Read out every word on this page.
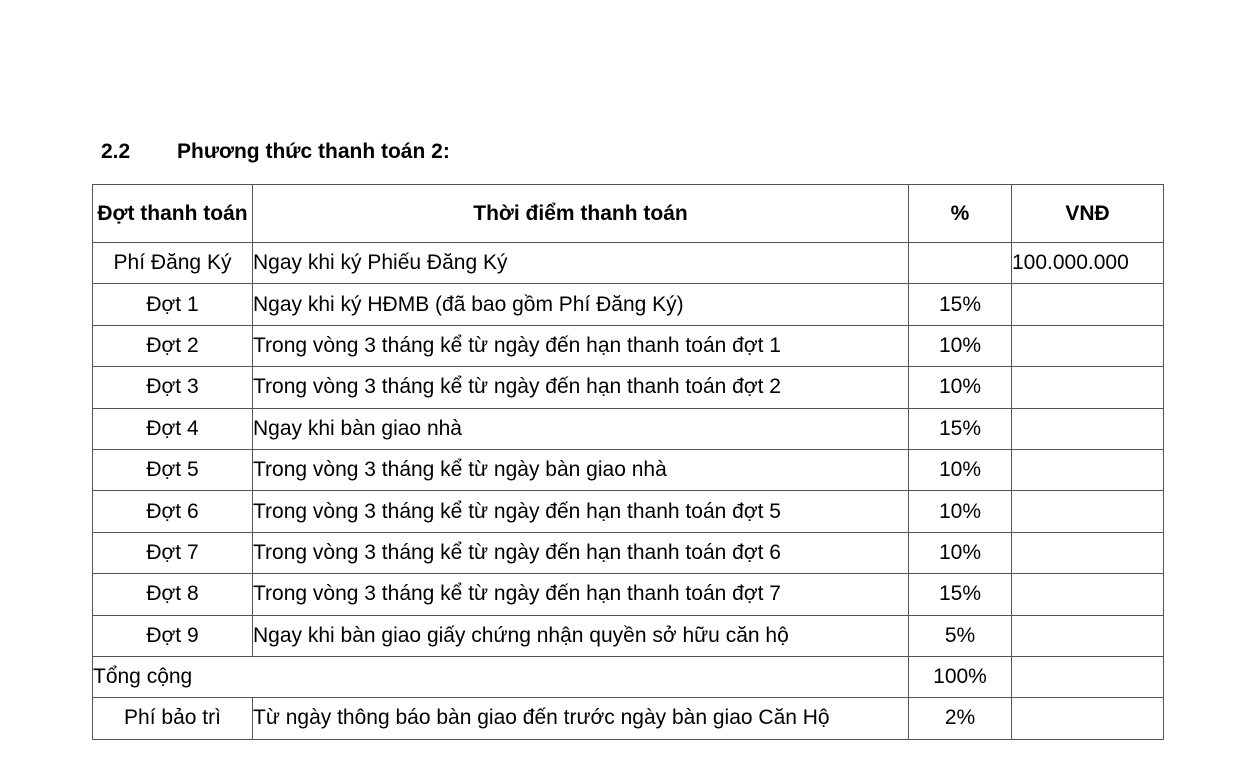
2.2 Phương thức thanh toán 2:
Đợt thanh toán	Thời điểm thanh toán	%	VNĐ
Phí Đăng Ký	Ngay khi ký Phiếu Đăng Ký		100.000.000
Đợt 1	Ngay khi ký HĐMB (đã bao gồm Phí Đăng Ký)	15%	
Đợt 2	Trong vòng 3 tháng kể từ ngày đến hạn thanh toán đợt 1	10%	
Đợt 3	Trong vòng 3 tháng kể từ ngày đến hạn thanh toán đợt 2	10%	
Đợt 4	Ngay khi bàn giao nhà	15%	
Đợt 5	Trong vòng 3 tháng kể từ ngày bàn giao nhà	10%	
Đợt 6	Trong vòng 3 tháng kể từ ngày đến hạn thanh toán đợt 5	10%	
Đợt 7	Trong vòng 3 tháng kể từ ngày đến hạn thanh toán đợt 6	10%	
Đợt 8	Trong vòng 3 tháng kể từ ngày đến hạn thanh toán đợt 7	15%	
Đợt 9	Ngay khi bàn giao giấy chứng nhận quyền sở hữu căn hộ	5%	
Tổng cộng		100%	
Phí bảo trì	Từ ngày thông báo bàn giao đến trước ngày bàn giao Căn Hộ	2%	
